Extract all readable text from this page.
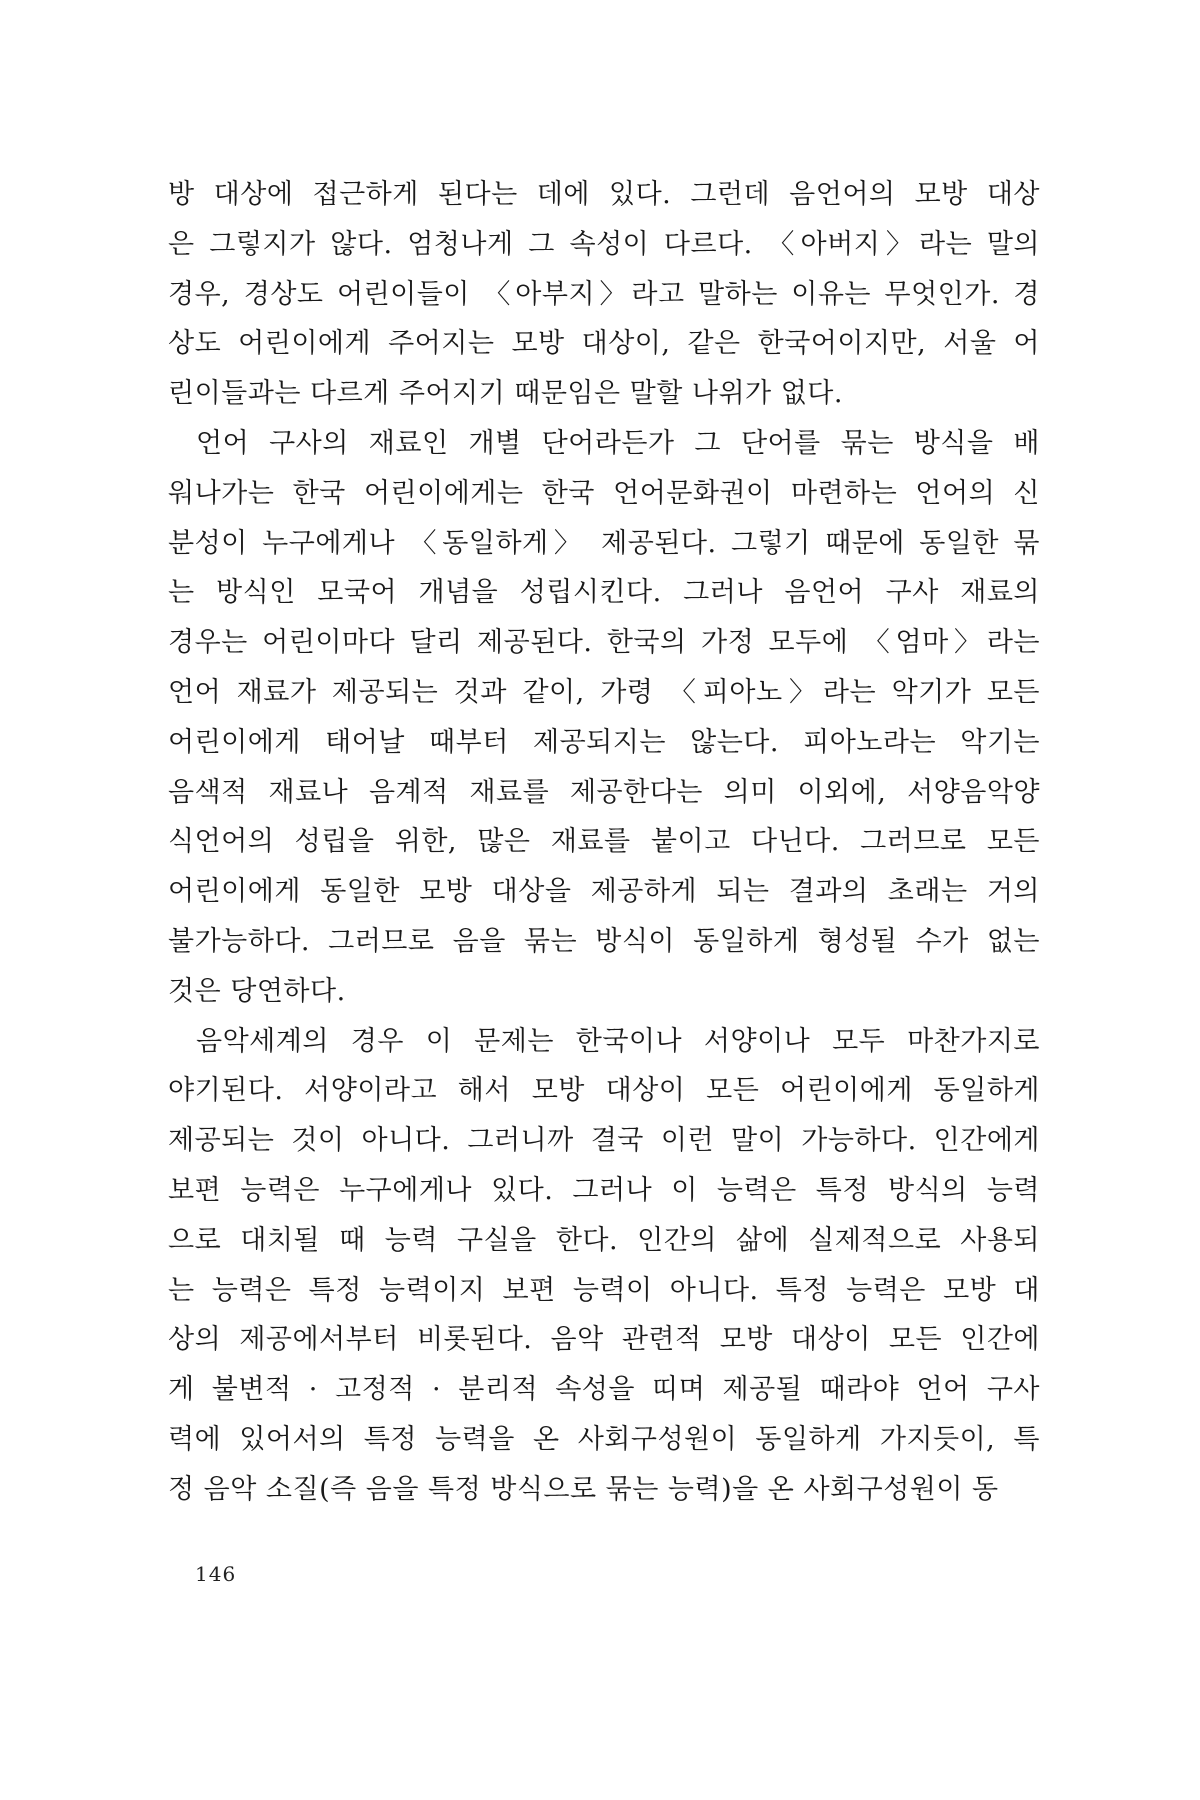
방 대상에 접근하게 된다는 데에 있다. 그런데 음언어의 모방 대상
은 그렇지가 않다. 엄청나게 그 속성이 다르다. 〈아버지〉라는 말의
경우, 경상도 어린이들이 〈아부지〉라고 말하는 이유는 무엇인가. 경
상도 어린이에게 주어지는 모방 대상이, 같은 한국어이지만, 서울 어
린이들과는 다르게 주어지기 때문임은 말할 나위가 없다.
언어 구사의 재료인 개별 단어라든가 그 단어를 묶는 방식을 배
워나가는 한국 어린이에게는 한국 언어문화권이 마련하는 언어의 신
분성이 누구에게나 〈동일하게〉 제공된다. 그렇기 때문에 동일한 묶
는 방식인 모국어 개념을 성립시킨다. 그러나 음언어 구사 재료의
경우는 어린이마다 달리 제공된다. 한국의 가정 모두에 〈엄마〉라는
언어 재료가 제공되는 것과 같이, 가령 〈피아노〉라는 악기가 모든
어린이에게 태어날 때부터 제공되지는 않는다. 피아노라는 악기는
음색적 재료나 음계적 재료를 제공한다는 의미 이외에, 서양음악양
식언어의 성립을 위한, 많은 재료를 붙이고 다닌다. 그러므로 모든
어린이에게 동일한 모방 대상을 제공하게 되는 결과의 초래는 거의
불가능하다. 그러므로 음을 묶는 방식이 동일하게 형성될 수가 없는
것은 당연하다.
음악세계의 경우 이 문제는 한국이나 서양이나 모두 마찬가지로
야기된다. 서양이라고 해서 모방 대상이 모든 어린이에게 동일하게
제공되는 것이 아니다. 그러니까 결국 이런 말이 가능하다. 인간에게
보편 능력은 누구에게나 있다. 그러나 이 능력은 특정 방식의 능력
으로 대치될 때 능력 구실을 한다. 인간의 삶에 실제적으로 사용되
는 능력은 특정 능력이지 보편 능력이 아니다. 특정 능력은 모방 대
상의 제공에서부터 비롯된다. 음악 관련적 모방 대상이 모든 인간에
게 불변적 · 고정적 · 분리적 속성을 띠며 제공될 때라야 언어 구사
력에 있어서의 특정 능력을 온 사회구성원이 동일하게 가지듯이, 특
정 음악 소질(즉 음을 특정 방식으로 묶는 능력)을 온 사회구성원이 동
146
